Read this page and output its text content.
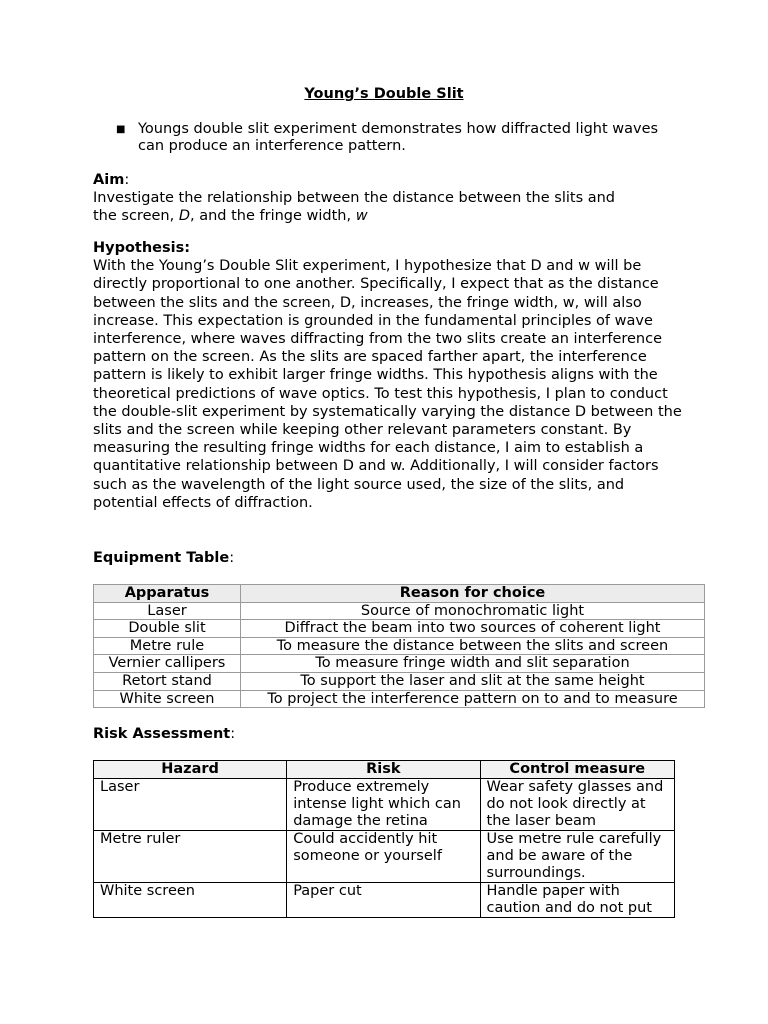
Young’s Double Slit
■ Youngs double slit experiment demonstrates how diffracted light waves can produce an interference pattern.
Aim:
Investigate the relationship between the distance between the slits and
the screen, D, and the fringe width, w
Hypothesis:
With the Young’s Double Slit experiment, I hypothesize that D and w will be directly proportional to one another. Specifically, I expect that as the distance between the slits and the screen, D, increases, the fringe width, w, will also increase. This expectation is grounded in the fundamental principles of wave interference, where waves diffracting from the two slits create an interference pattern on the screen. As the slits are spaced farther apart, the interference pattern is likely to exhibit larger fringe widths. This hypothesis aligns with the theoretical predictions of wave optics. To test this hypothesis, I plan to conduct the double-slit experiment by systematically varying the distance D between the slits and the screen while keeping other relevant parameters constant. By measuring the resulting fringe widths for each distance, I aim to establish a quantitative relationship between D and w. Additionally, I will consider factors such as the wavelength of the light source used, the size of the slits, and potential effects of diffraction.
Equipment Table:
Apparatus	Reason for choice
Laser	Source of monochromatic light
Double slit	Diffract the beam into two sources of coherent light
Metre rule	To measure the distance between the slits and screen
Vernier callipers	To measure fringe width and slit separation
Retort stand	To support the laser and slit at the same height
White screen	To project the interference pattern on to and to measure
Risk Assessment:
Hazard	Risk	Control measure
Laser	Produce extremely intense light which can damage the retina	Wear safety glasses and do not look directly at the laser beam
Metre ruler	Could accidently hit someone or yourself	Use metre rule carefully and be aware of the surroundings.
White screen	Paper cut	Handle paper with caution and do not put
